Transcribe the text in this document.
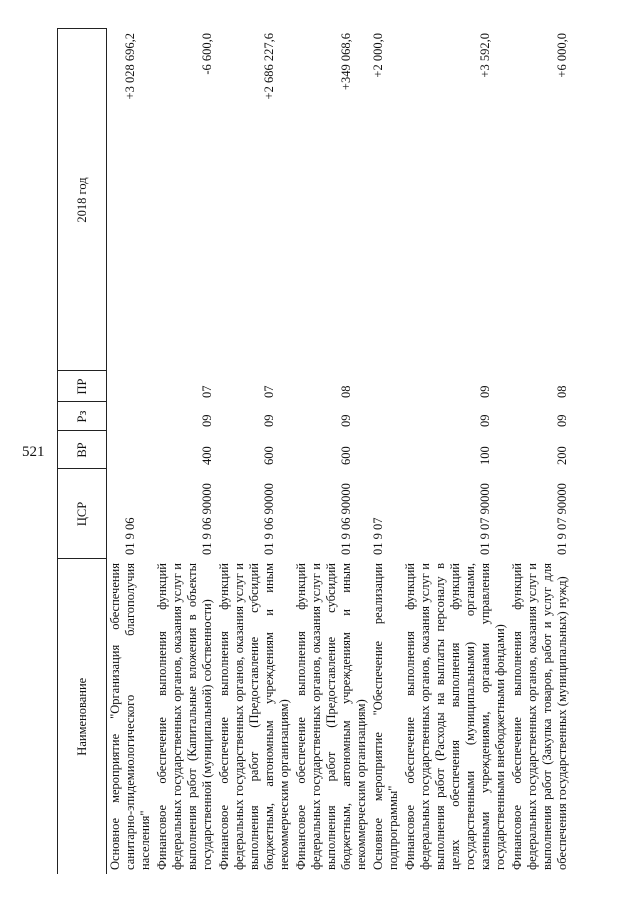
521
Наименование	ЦСР	ВР	Рз	ПР	2018 год
Основное мероприятие "Организация обеспечения санитарно-эпидемиологического благополучия населения"	01 9 06				+3 028 696,2
Финансовое обеспечение выполнения функций федеральных государственных органов, оказания услуг и выполнения работ (Капитальные вложения в объекты государственной (муниципальной) собственности)	01 9 06 90000	400	09	07	-6 600,0
Финансовое обеспечение выполнения функций федеральных государственных органов, оказания услуг и выполнения работ (Предоставление субсидий бюджетным, автономным учреждениям и иным некоммерческим организациям)	01 9 06 90000	600	09	07	+2 686 227,6
Финансовое обеспечение выполнения функций федеральных государственных органов, оказания услуг и выполнения работ (Предоставление субсидий бюджетным, автономным учреждениям и иным некоммерческим организациям)	01 9 06 90000	600	09	08	+349 068,6
Основное мероприятие "Обеспечение реализации подпрограммы"	01 9 07				+2 000,0
Финансовое обеспечение выполнения функций федеральных государственных органов, оказания услуг и выполнения работ (Расходы на выплаты персоналу в целях обеспечения выполнения функций государственными (муниципальными) органами, казенными учреждениями, органами управления государственными внебюджетными фондами)	01 9 07 90000	100	09	09	+3 592,0
Финансовое обеспечение выполнения функций федеральных государственных органов, оказания услуг и выполнения работ (Закупка товаров, работ и услуг для обеспечения государственных (муниципальных) нужд)	01 9 07 90000	200	09	08	+6 000,0
